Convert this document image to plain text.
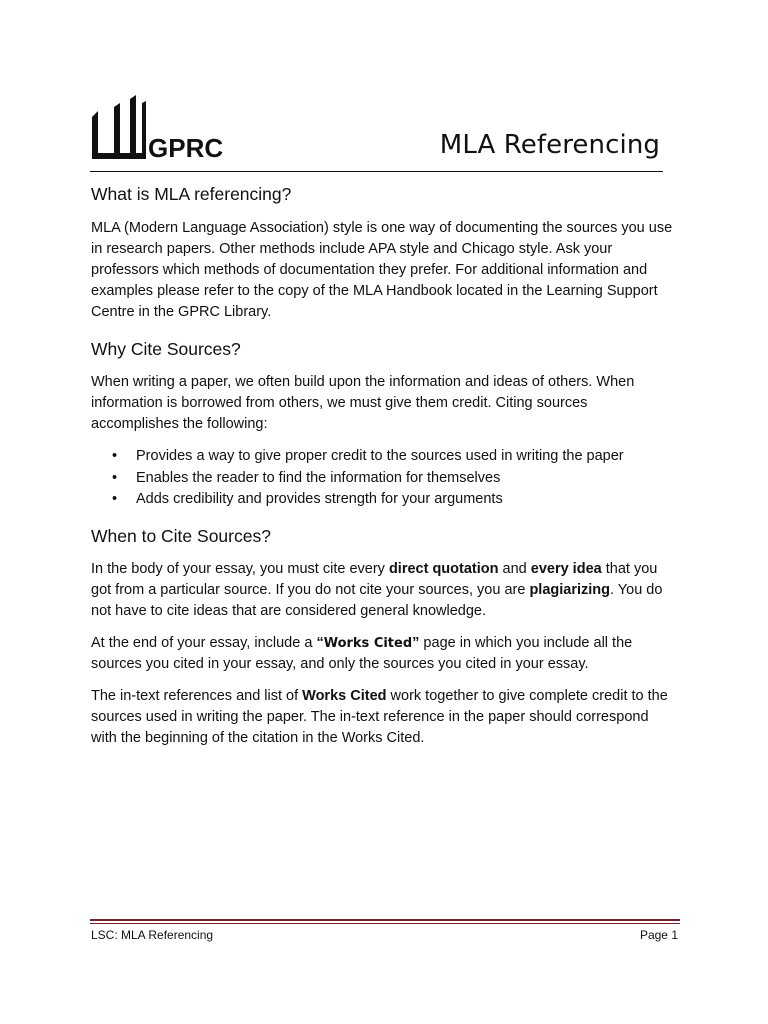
GPRC	MLA Referencing
What is MLA referencing?

MLA (Modern Language Association) style is one way of documenting the sources you use in research papers. Other methods include APA style and Chicago style. Ask your professors which methods of documentation they prefer. For additional information and examples please refer to the copy of the MLA Handbook located in the Learning Support Centre in the GPRC Library.

Why Cite Sources?

When writing a paper, we often build upon the information and ideas of others. When information is borrowed from others, we must give them credit. Citing sources accomplishes the following:

• Provides a way to give proper credit to the sources used in writing the paper
• Enables the reader to find the information for themselves
• Adds credibility and provides strength for your arguments
When to Cite Sources?

In the body of your essay, you must cite every direct quotation and every idea that you got from a particular source. If you do not cite your sources, you are plagiarizing. You do not have to cite ideas that are considered general knowledge.

At the end of your essay, include a “Works Cited” page in which you include all the sources you cited in your essay, and only the sources you cited in your essay.

The in-text references and list of Works Cited work together to give complete credit to the sources used in writing the paper. The in-text reference in the paper should correspond with the beginning of the citation in the Works Cited.

LSC: MLA Referencing	Page 1
